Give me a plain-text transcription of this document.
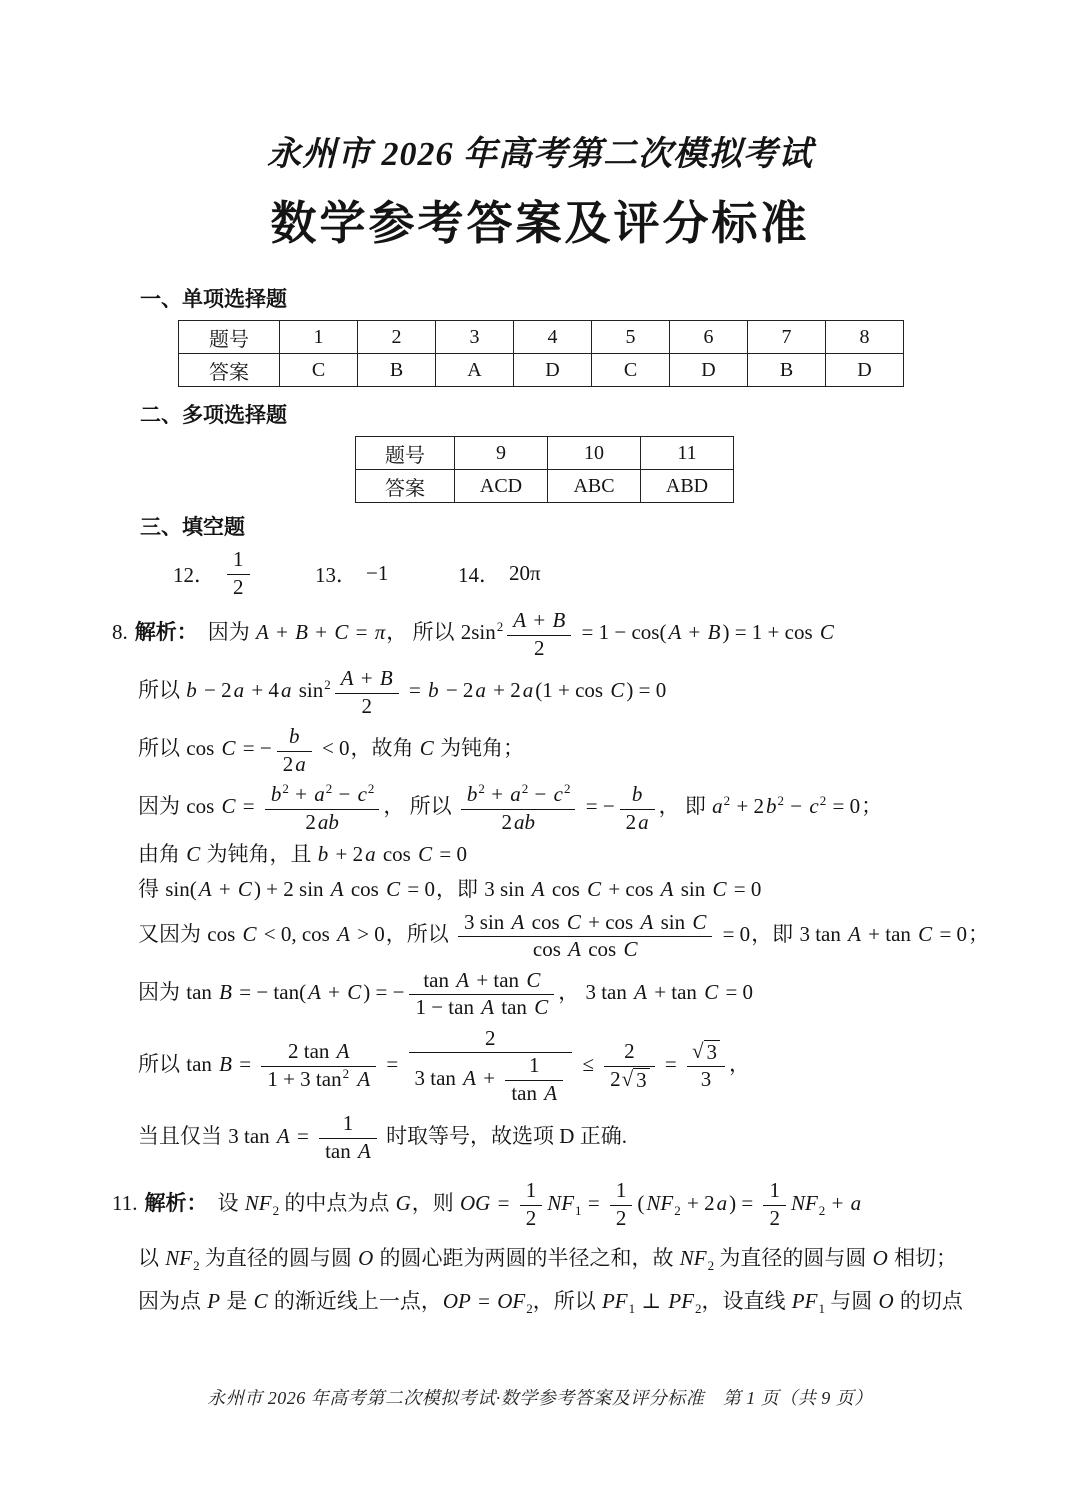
永州市 2026 年高考第二次模拟考试
数学参考答案及评分标准
一、单项选择题
题号	1	2	3	4	5	6	7	8
答案	C	B	A	D	C	D	B	D
二、多项选择题
题号	9	10	11
答案	ACD	ABC	ABD
三、填空题
12． $\frac{1}{2}$	13． −1	14． 20π
8. 解析： 因为 A + B + C = π， 所以 $2\sin^2 \frac{A + B}{2} = 1 - \cos(A + B) = 1 + \cos C$
所以 b − 2a + 4a $\sin^2 \frac{A + B}{2} = b - 2a + 2a(1 + \cos C) = 0$
所以 cos C = − $\frac{b}{2a} < 0$，故角 C 为钝角；
因为 $\cos C = \frac{b^2 + a^2 - c^2}{2ab}$ ， 所以 $\frac{b^2 + a^2 - c^2}{2ab}$ = − $\frac{b}{2a}$ ， 即 $a^2 + 2b^2 - c^2 = 0$；
由角 C 为钝角，且 b + 2a cos C = 0
得 sin(A + C) + 2 sin A cos C = 0，即 3 sin A cos C + cos A sin C = 0
又因为 cos C < 0, cos A > 0，所以 $\frac{\text{3 sin A cos C + cos A sin C}}{\text{cos A cos C}} = 0$，即 3 tan A + tan C = 0；
因为 tan B = − tan(A + C) = − $\frac{\text{tan A + tan C}}{\text{1 − tan A tan C}}$ ， 3 tan A + tan C = 0
所以 $\tan B = \frac{\text{2 tan A}}{1 + 3 \tan^2 A} = \frac{2}{3 \tan A + \frac{1}{\text{tan A}}} \le \frac{2}{2 √ 3} = \frac{√ 3}{3}$ ，
当且仅当 3 $\tan A = \frac{1}{\text{tan A}}$ 时取等号，故选项 D 正确.
11. 解析： 设 $NF_2$ 的中点为点 G，则 OG = $\frac{1}{2} NF_1 = \frac{1}{2} (NF_2 + 2a) = \frac{1}{2} NF_2 + a$
以 $NF_2$ 为直径的圆与圆 O 的圆心距为两圆的半径之和，故 $NF_2$ 为直径的圆与圆 O 相切；
因为点 P 是 C 的渐近线上一点，OP = $OF_2$，所以 $PF_1$ ⊥ $PF_2$，设直线 $PF_1$ 与圆 O 的切点
永州市 2026 年高考第二次模拟考试·数学参考答案及评分标准　第 1 页（共 9 页）
